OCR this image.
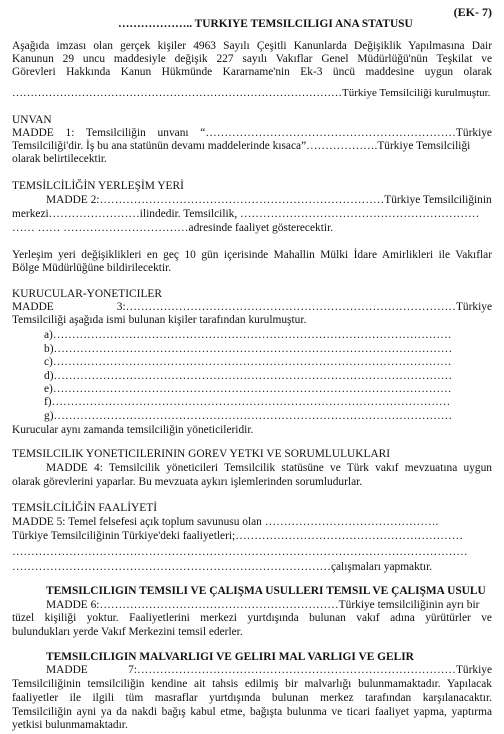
(EK- 7)
……………….. TURKIYE TEMSILCILIGI ANA STATUSU
Aşağıda imzası olan gerçek kişiler 4963 Sayılı Çeşitli Kanunlarda Değişiklik Yapılmasına Dair
Kanunun 29 uncu maddesiyle değişik 227 sayılı Vakıflar Genel Müdürlüğü'nün Teşkilat ve
Görevleri Hakkında Kanun Hükmünde Kararname'nin Ek-3 üncü maddesine uygun olarak
………………………………………………………………………………Türkiye Temsilciliği kurulmuştur.
UNVAN
MADDE 1: Temsilciliğin unvanı “…………………………………………………………Türkiye
Temsilciliği'dir. İş bu ana statünün devamı maddelerinde kısaca”……………….Türkiye Temsilciliği
olarak belirtilecektir.
TEMSİLCİLİĞİN YERLEŞİM YERİ
MADDE 2:…………………………………………………………………Türkiye Temsilciliğinin
merkezi……………………ilindedir. Temsilcilik, ………………………………………………………
…… …… ……………………………adresinde faaliyet gösterecektir.
Yerleşim yeri değişiklikleri en geç 10 gün içerisinde Mahallin Mülki İdare Amirlikleri ile Vakıflar
Bölge Müdürlüğüne bildirilecektir.
KURUCULAR-YONETICILER
MADDE 3:……………………………………………………………………………Türkiye
Temsilciliği aşağıda ismi bulunan kişiler tarafından kurulmuştur.
a)……………………………………………………………………………………………
b)……………………………………………………………………………………………
c)……………………………………………………………………………………………
d)……………………………………………………………………………………………
e)……………………………………………………………………………………………
f)……………………………………………………………………………………………
g)……………………………………………………………………………………………
Kurucular aynı zamanda temsilciliğin yöneticileridir.
TEMSILCILIK YONETICILERININ GOREV YETKI VE SORUMLULUKLARI
MADDE 4: Temsilcilik yöneticileri Temsilcilik statüsüne ve Türk vakıf mevzuatına uygun
olarak görevlerini yaparlar. Bu mevzuata aykırı işlemlerinden sorumludurlar.
TEMSİLCİLİĞİN FAALİYETİ
MADDE 5: Temel felsefesi açık toplum savunusu olan ……………………………………….
Türkiye Temsilciliğinin Türkiye'deki faaliyetleri;……………………………………………………
…………………………………………………………………………………………………………
…………………………………………………………………………çalışmaları yapmaktır.
TEMSILCILIGIN TEMSILI VE ÇALIŞMA USULLERI TEMSIL VE ÇALIŞMA USULU
MADDE 6:………………………………………………………Türkiye temsilciliğinin ayrı bir
tüzel kişiliği yoktur. Faaliyetlerini merkezi yurtdışında bulunan vakıf adına yürütürler ve
bulundukları yerde Vakıf Merkezini temsil ederler.
TEMSILCILIGIN MALVARLIGI VE GELIRI MAL VARLIGI VE GELIR
MADDE 7:…………………………………………………………………………Türkiye
Temsilciliğinin temsilciliğin kendine ait tahsis edilmiş bir malvarlığı bulunmamaktadır. Yapılacak
faaliyetler ile ilgili tüm masraflar yurtdışında bulunan merkez tarafından karşılanacaktır.
Temsilciliğin ayni ya da nakdi bağış kabul etme, bağışta bulunma ve ticari faaliyet yapma, yaptırma
yetkisi bulunmamaktadır.
